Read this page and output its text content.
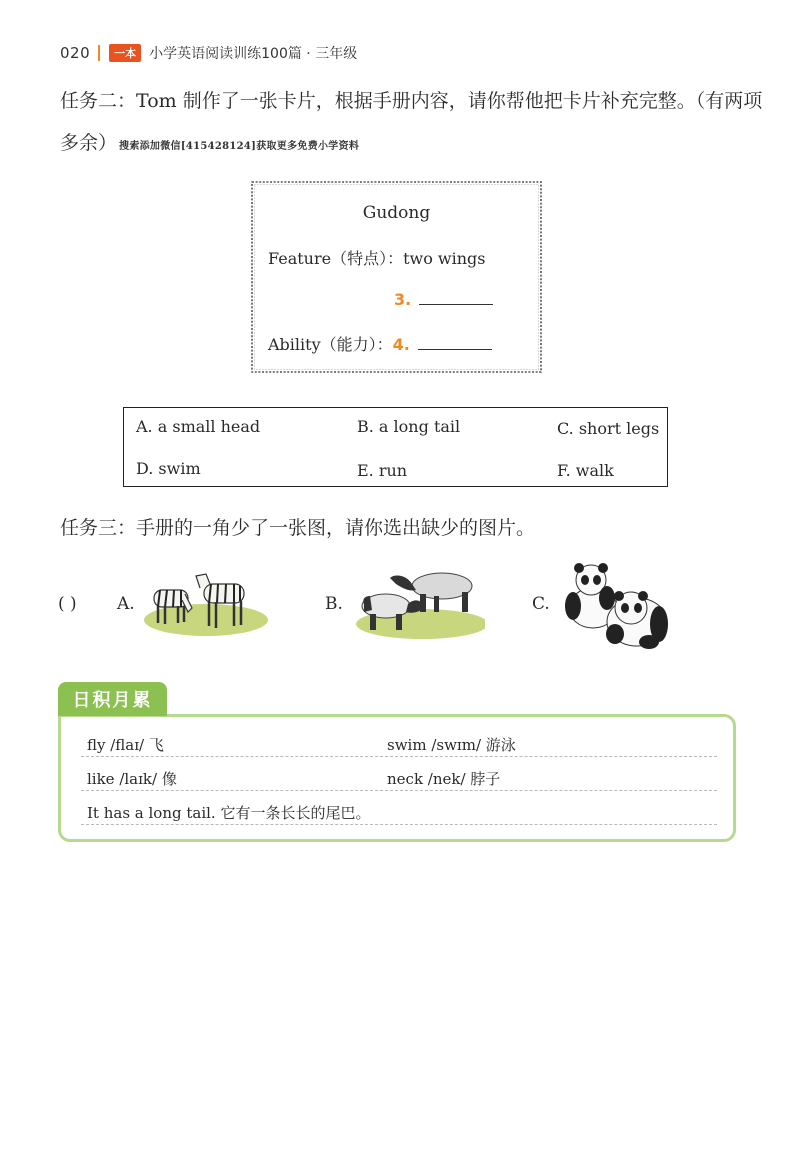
020	一本 小学英语阅读训练100篇 · 三年级
任务二：Tom 制作了一张卡片，根据手册内容，请你帮他把卡片补充完整。（有两项
多余） 搜索添加微信[415428124]获取更多免费小学资料
Gudong
Feature（特点）：two wings
3.
Ability（能力）：4.
A. a small head	B. a long tail	C. short legs
D. swim	E. run	F. walk
任务三：手册的一角少了一张图，请你选出缺少的图片。
( ) A.	B.	C.
fly /flaɪ/ 飞	swim /swɪm/ 游泳
like /laɪk/ 像	neck /nek/ 脖子
It has a long tail. 它有一条长长的尾巴。
日积月累
